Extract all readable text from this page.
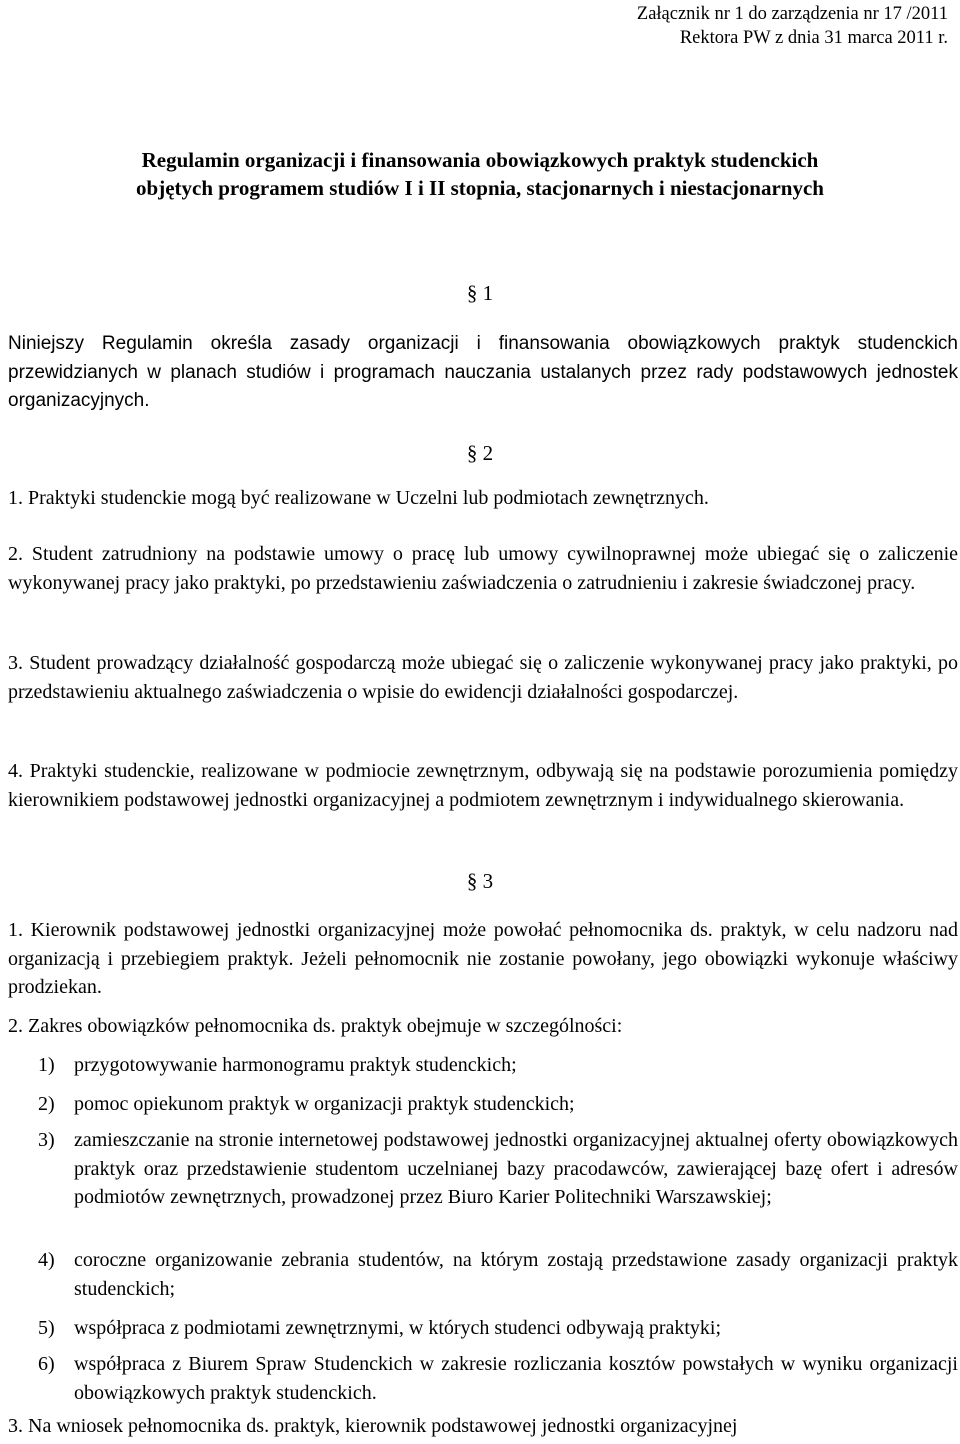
Załącznik nr 1 do zarządzenia nr 17 /2011
Rektora PW z dnia 31 marca 2011 r.
Regulamin organizacji i finansowania obowiązkowych praktyk studenckich
objętych programem studiów I i II stopnia, stacjonarnych i niestacjonarnych
§ 1
Niniejszy Regulamin określa zasady organizacji i finansowania obowiązkowych praktyk studenckich przewidzianych w planach studiów i programach nauczania ustalanych przez rady podstawowych jednostek organizacyjnych.
§ 2
1. Praktyki studenckie mogą być realizowane w Uczelni lub podmiotach zewnętrznych.
2. Student zatrudniony na podstawie umowy o pracę lub umowy cywilnoprawnej może ubiegać się o zaliczenie wykonywanej pracy jako praktyki, po przedstawieniu zaświadczenia o zatrudnieniu i zakresie świadczonej pracy.
3. Student prowadzący działalność gospodarczą może ubiegać się o zaliczenie wykonywanej pracy jako praktyki, po przedstawieniu aktualnego zaświadczenia o wpisie do ewidencji działalności gospodarczej.
4. Praktyki studenckie, realizowane w podmiocie zewnętrznym, odbywają się na podstawie porozumienia pomiędzy kierownikiem podstawowej jednostki organizacyjnej a podmiotem zewnętrznym i indywidualnego skierowania.
§ 3
1. Kierownik podstawowej jednostki organizacyjnej może powołać pełnomocnika ds. praktyk, w celu nadzoru nad organizacją i przebiegiem praktyk. Jeżeli pełnomocnik nie zostanie powołany, jego obowiązki wykonuje właściwy prodziekan.
2. Zakres obowiązków pełnomocnika ds. praktyk obejmuje w szczególności:
1) przygotowywanie harmonogramu praktyk studenckich;
2) pomoc opiekunom praktyk w organizacji praktyk studenckich;
3) zamieszczanie na stronie internetowej podstawowej jednostki organizacyjnej aktualnej oferty obowiązkowych praktyk oraz przedstawienie studentom uczelnianej bazy pracodawców, zawierającej bazę ofert i adresów podmiotów zewnętrznych, prowadzonej przez Biuro Karier Politechniki Warszawskiej;
4) coroczne organizowanie zebrania studentów, na którym zostają przedstawione zasady organizacji praktyk studenckich;
5) współpraca z podmiotami zewnętrznymi, w których studenci odbywają praktyki;
6) współpraca z Biurem Spraw Studenckich w zakresie rozliczania kosztów powstałych w wyniku organizacji obowiązkowych praktyk studenckich.
3. Na wniosek pełnomocnika ds. praktyk, kierownik podstawowej jednostki organizacyjnej
